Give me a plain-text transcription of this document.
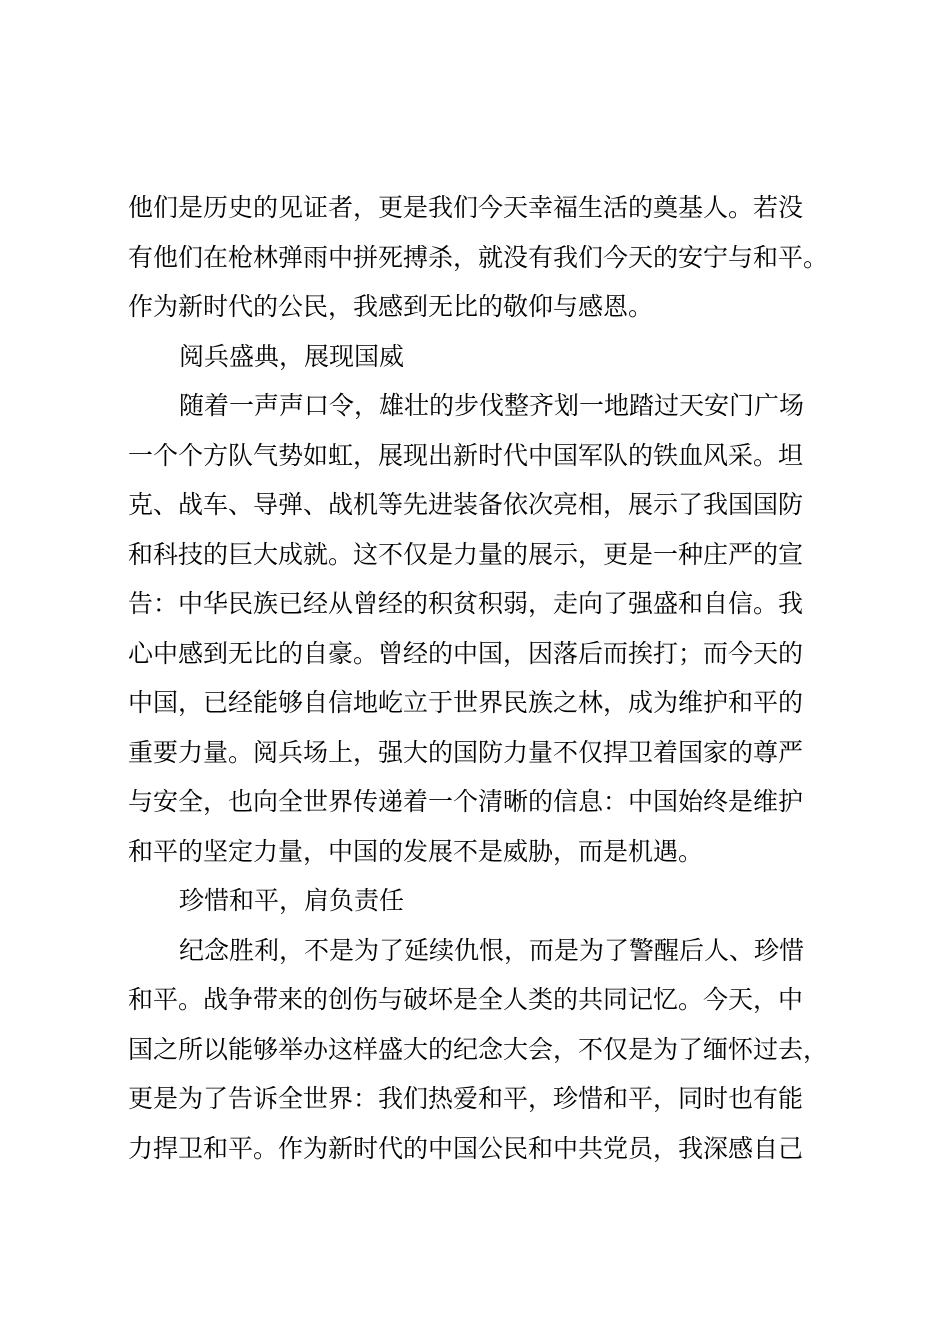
他们是历史的见证者，更是我们今天幸福生活的奠基人。若没
有他们在枪林弹雨中拼死搏杀，就没有我们今天的安宁与和平。
作为新时代的公民，我感到无比的敬仰与感恩。
阅兵盛典，展现国威
随着一声声口令，雄壮的步伐整齐划一地踏过天安门广场
一个个方队气势如虹，展现出新时代中国军队的铁血风采。坦
克、战车、导弹、战机等先进装备依次亮相，展示了我国国防
和科技的巨大成就。这不仅是力量的展示，更是一种庄严的宣
告：中华民族已经从曾经的积贫积弱，走向了强盛和自信。我
心中感到无比的自豪。曾经的中国，因落后而挨打；而今天的
中国，已经能够自信地屹立于世界民族之林，成为维护和平的
重要力量。阅兵场上，强大的国防力量不仅捍卫着国家的尊严
与安全，也向全世界传递着一个清晰的信息：中国始终是维护
和平的坚定力量，中国的发展不是威胁，而是机遇。
珍惜和平，肩负责任
纪念胜利，不是为了延续仇恨，而是为了警醒后人、珍惜
和平。战争带来的创伤与破坏是全人类的共同记忆。今天，中
国之所以能够举办这样盛大的纪念大会，不仅是为了缅怀过去，
更是为了告诉全世界：我们热爱和平，珍惜和平，同时也有能
力捍卫和平。作为新时代的中国公民和中共党员，我深感自己
